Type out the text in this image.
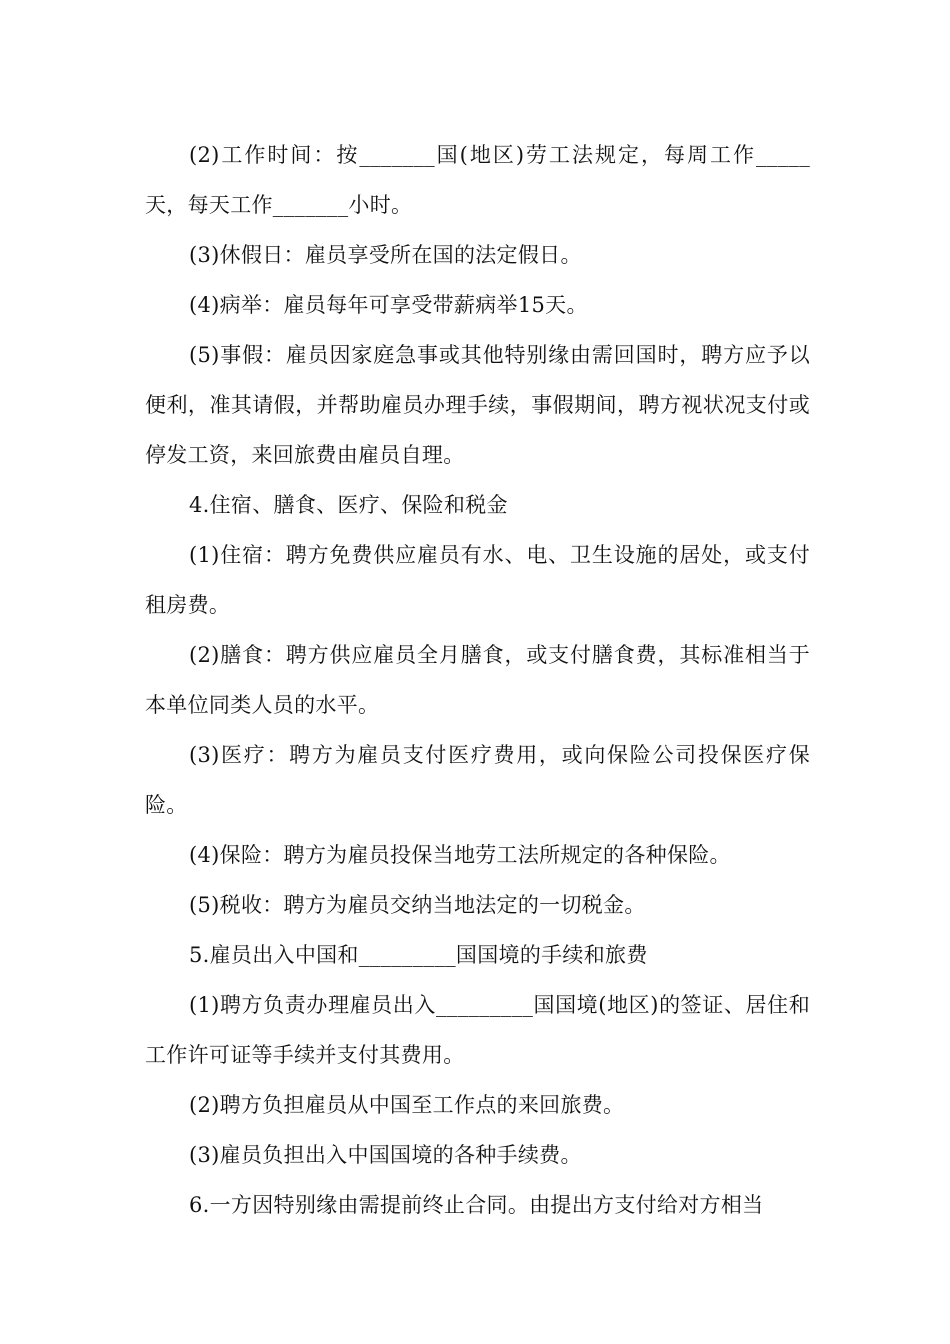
(2)工作时间：按_______国(地区)劳工法规定，每周工作_____天，每天工作_______小时。

(3)休假日：雇员享受所在国的法定假日。

(4)病举：雇员每年可享受带薪病举15天。

(5)事假：雇员因家庭急事或其他特别缘由需回国时，聘方应予以便利，准其请假，并帮助雇员办理手续，事假期间，聘方视状况支付或停发工资，来回旅费由雇员自理。

4.住宿、膳食、医疗、保险和税金

(1)住宿：聘方免费供应雇员有水、电、卫生设施的居处，或支付租房费。

(2)膳食：聘方供应雇员全月膳食，或支付膳食费，其标准相当于本单位同类人员的水平。

(3)医疗：聘方为雇员支付医疗费用，或向保险公司投保医疗保险。

(4)保险：聘方为雇员投保当地劳工法所规定的各种保险。

(5)税收：聘方为雇员交纳当地法定的一切税金。

5.雇员出入中国和_________国国境的手续和旅费

(1)聘方负责办理雇员出入_________国国境(地区)的签证、居住和工作许可证等手续并支付其费用。

(2)聘方负担雇员从中国至工作点的来回旅费。

(3)雇员负担出入中国国境的各种手续费。

6.一方因特别缘由需提前终止合同。由提出方支付给对方相当
